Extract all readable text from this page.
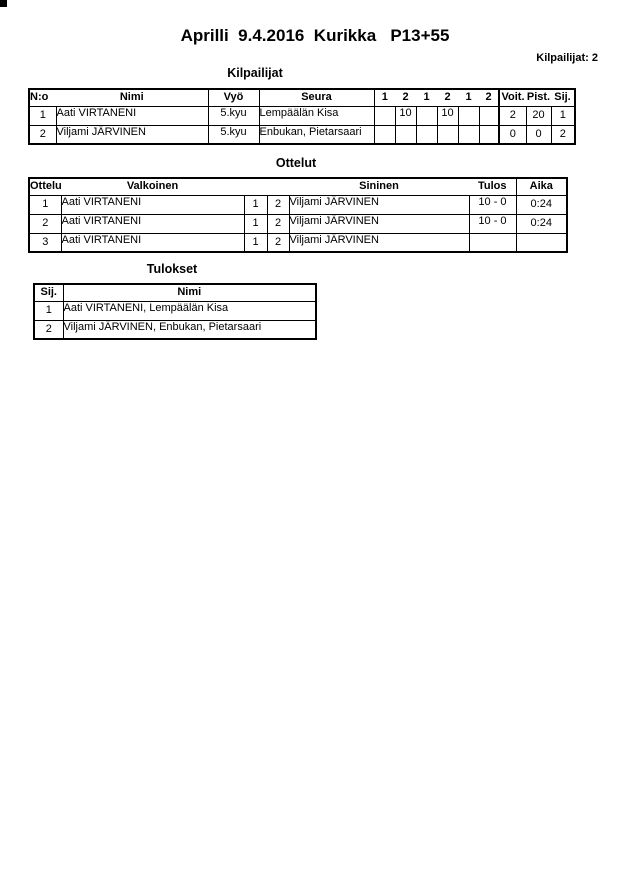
Aprilli  9.4.2016  Kurikka   P13+55
Kilpailijat: 2
Kilpailijat
N:o	Nimi	Vyö	Seura	1	2	1	2	1	2	Voit.	Pist.	Sij.
1	Aati VIRTANENI	5.kyu	Lempäälän Kisa		10		10			2	20	1
2	Viljami JÄRVINEN	5.kyu	Enbukan, Pietarsaari							0	0	2
Ottelut
Ottelu	Valkoinen			Sininen	Tulos	Aika
1	Aati VIRTANENI	1	2	Viljami JÄRVINEN	10 - 0	0:24
2	Aati VIRTANENI	1	2	Viljami JÄRVINEN	10 - 0	0:24
3	Aati VIRTANENI	1	2	Viljami JÄRVINEN		
Tulokset
Sij.	Nimi
1	Aati VIRTANENI, Lempäälän Kisa
2	Viljami JÄRVINEN, Enbukan, Pietarsaari
